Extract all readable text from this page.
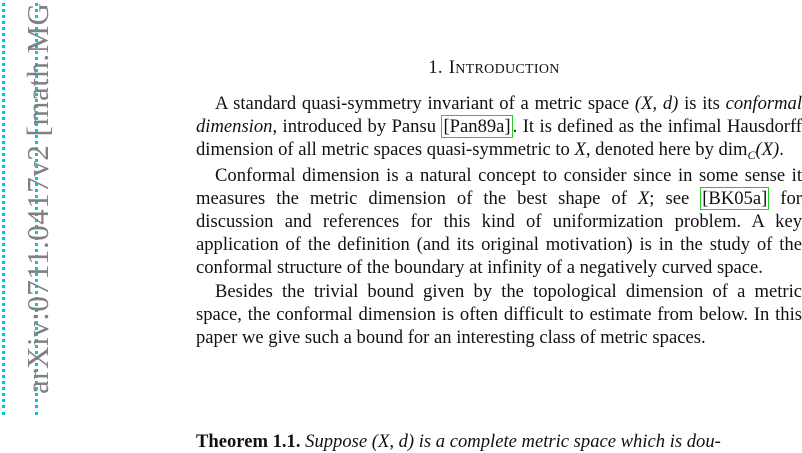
arXiv:0711.0417v2 [math.MG	1. INTRODUCTION

A standard quasi-symmetry invariant of a metric space (X, d) is its conformal dimension, introduced by Pansu [Pan89a] . It is defined as the infimal Hausdorff dimension of all metric spaces quasi-symmetric to X, denoted here by dim$_C$(X).

Conformal dimension is a natural concept to consider since in some sense it measures the metric dimension of the best shape of X; see [BK05a] for discussion and references for this kind of uniformization problem. A key application of the definition (and its original motivation) is in the study of the conformal structure of the boundary at infinity of a negatively curved space.

Besides the trivial bound given by the topological dimension of a metric space, the conformal dimension is often difficult to estimate from below. In this paper we give such a bound for an interesting class of metric spaces.

Theorem 1.1. Suppose (X, d) is a complete metric space which is dou-
